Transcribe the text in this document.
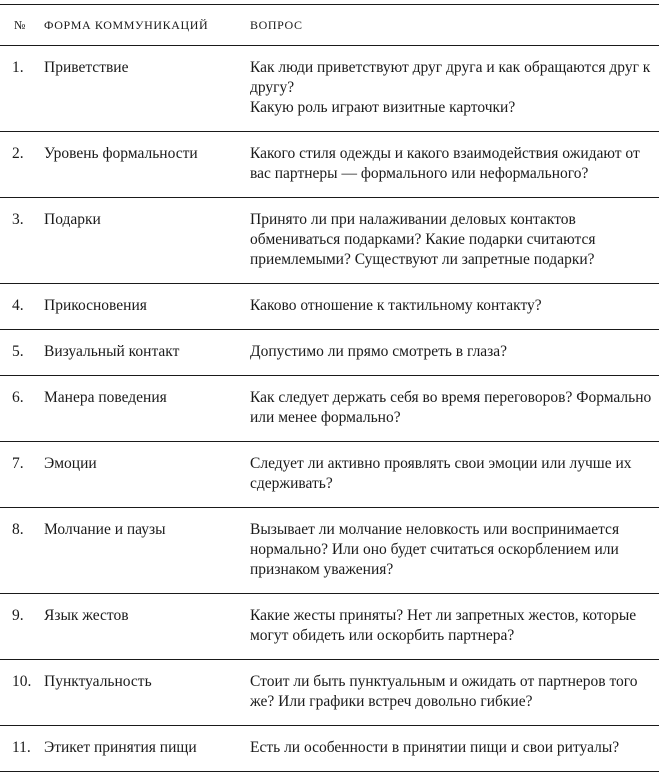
№	ФОРМА КОММУНИКАЦИЙ	ВОПРОС
1.	Приветствие	Как люди приветствуют друг друга и как обращаются друг к другу?
Какую роль играют визитные карточки?

2.	Уровень формальности	Какого стиля одежды и какого взаимодействия ожидают от вас партнеры — формального или неформального?
3.	Подарки	Принято ли при налаживании деловых контактов обмениваться подарками? Какие подарки считаются приемлемыми? Существуют ли запретные подарки?
4.	Прикосновения	Каково отношение к тактильному контакту?
5.	Визуальный контакт	Допустимо ли прямо смотреть в глаза?
6.	Манера поведения	Как следует держать себя во время переговоров? Формально или менее формально?
7.	Эмоции	Следует ли активно проявлять свои эмоции или лучше их сдерживать?
8.	Молчание и паузы	Вызывает ли молчание неловкость или воспринимается нормально? Или оно будет считаться оскорблением или признаком уважения?
9.	Язык жестов	Какие жесты приняты? Нет ли запретных жестов, которые могут обидеть или оскорбить партнера?
10.	Пунктуальность	Стоит ли быть пунктуальным и ожидать от партнеров того же? Или графики встреч довольно гибкие?
11.	Этикет принятия пищи	Есть ли особенности в принятии пищи и свои ритуалы?
